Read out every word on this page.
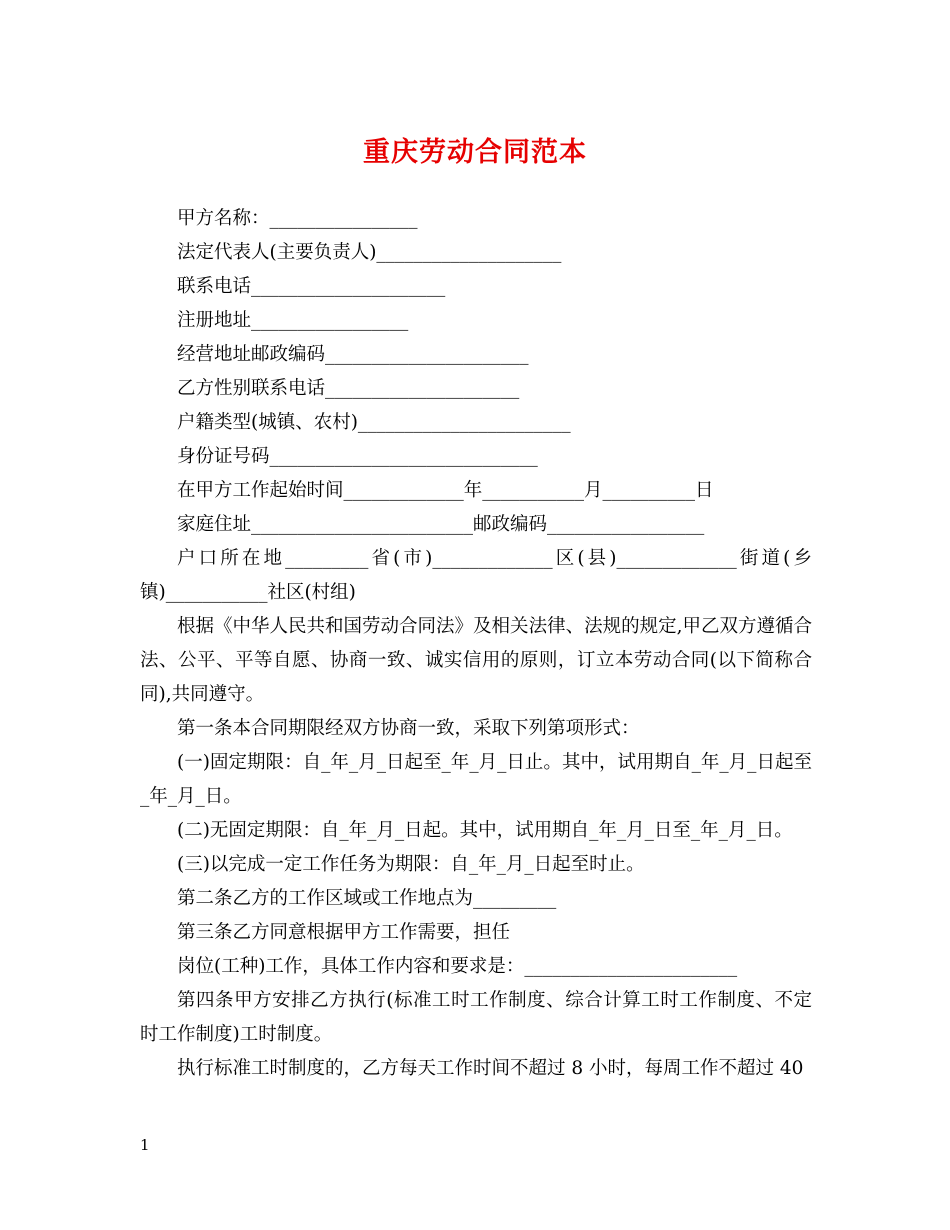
重庆劳动合同范本

甲方名称：________________

法定代表人(主要负责人)____________________

联系电话_____________________

注册地址_________________

经营地址邮政编码______________________

乙方性别联系电话_____________________

户籍类型(城镇、农村)_______________________

身份证号码_____________________________

在甲方工作起始时间_____________年___________月__________日

家庭住址________________________邮政编码_________________

户口所在地_________省(市)_____________区(县)_____________街道(乡镇)___________社区(村组)

根据《中华人民共和国劳动合同法》及相关法律、法规的规定,甲乙双方遵循合法、公平、平等自愿、协商一致、诚实信用的原则，订立本劳动合同(以下简称合同),共同遵守。

第一条本合同期限经双方协商一致，采取下列第项形式：

(一)固定期限：自_年_月_日起至_年_月_日止。其中，试用期自_年_月_日起至_年_月_日。

(二)无固定期限：自_年_月_日起。其中，试用期自_年_月_日至_年_月_日。

(三)以完成一定工作任务为期限：自_年_月_日起至时止。

第二条乙方的工作区域或工作地点为_________

第三条乙方同意根据甲方工作需要，担任

岗位(工种)工作，具体工作内容和要求是：_______________________

第四条甲方安排乙方执行(标准工时工作制度、综合计算工时工作制度、不定时工作制度)工时制度。

执行标准工时制度的，乙方每天工作时间不超过 8 小时，每周工作不超过 40

1
